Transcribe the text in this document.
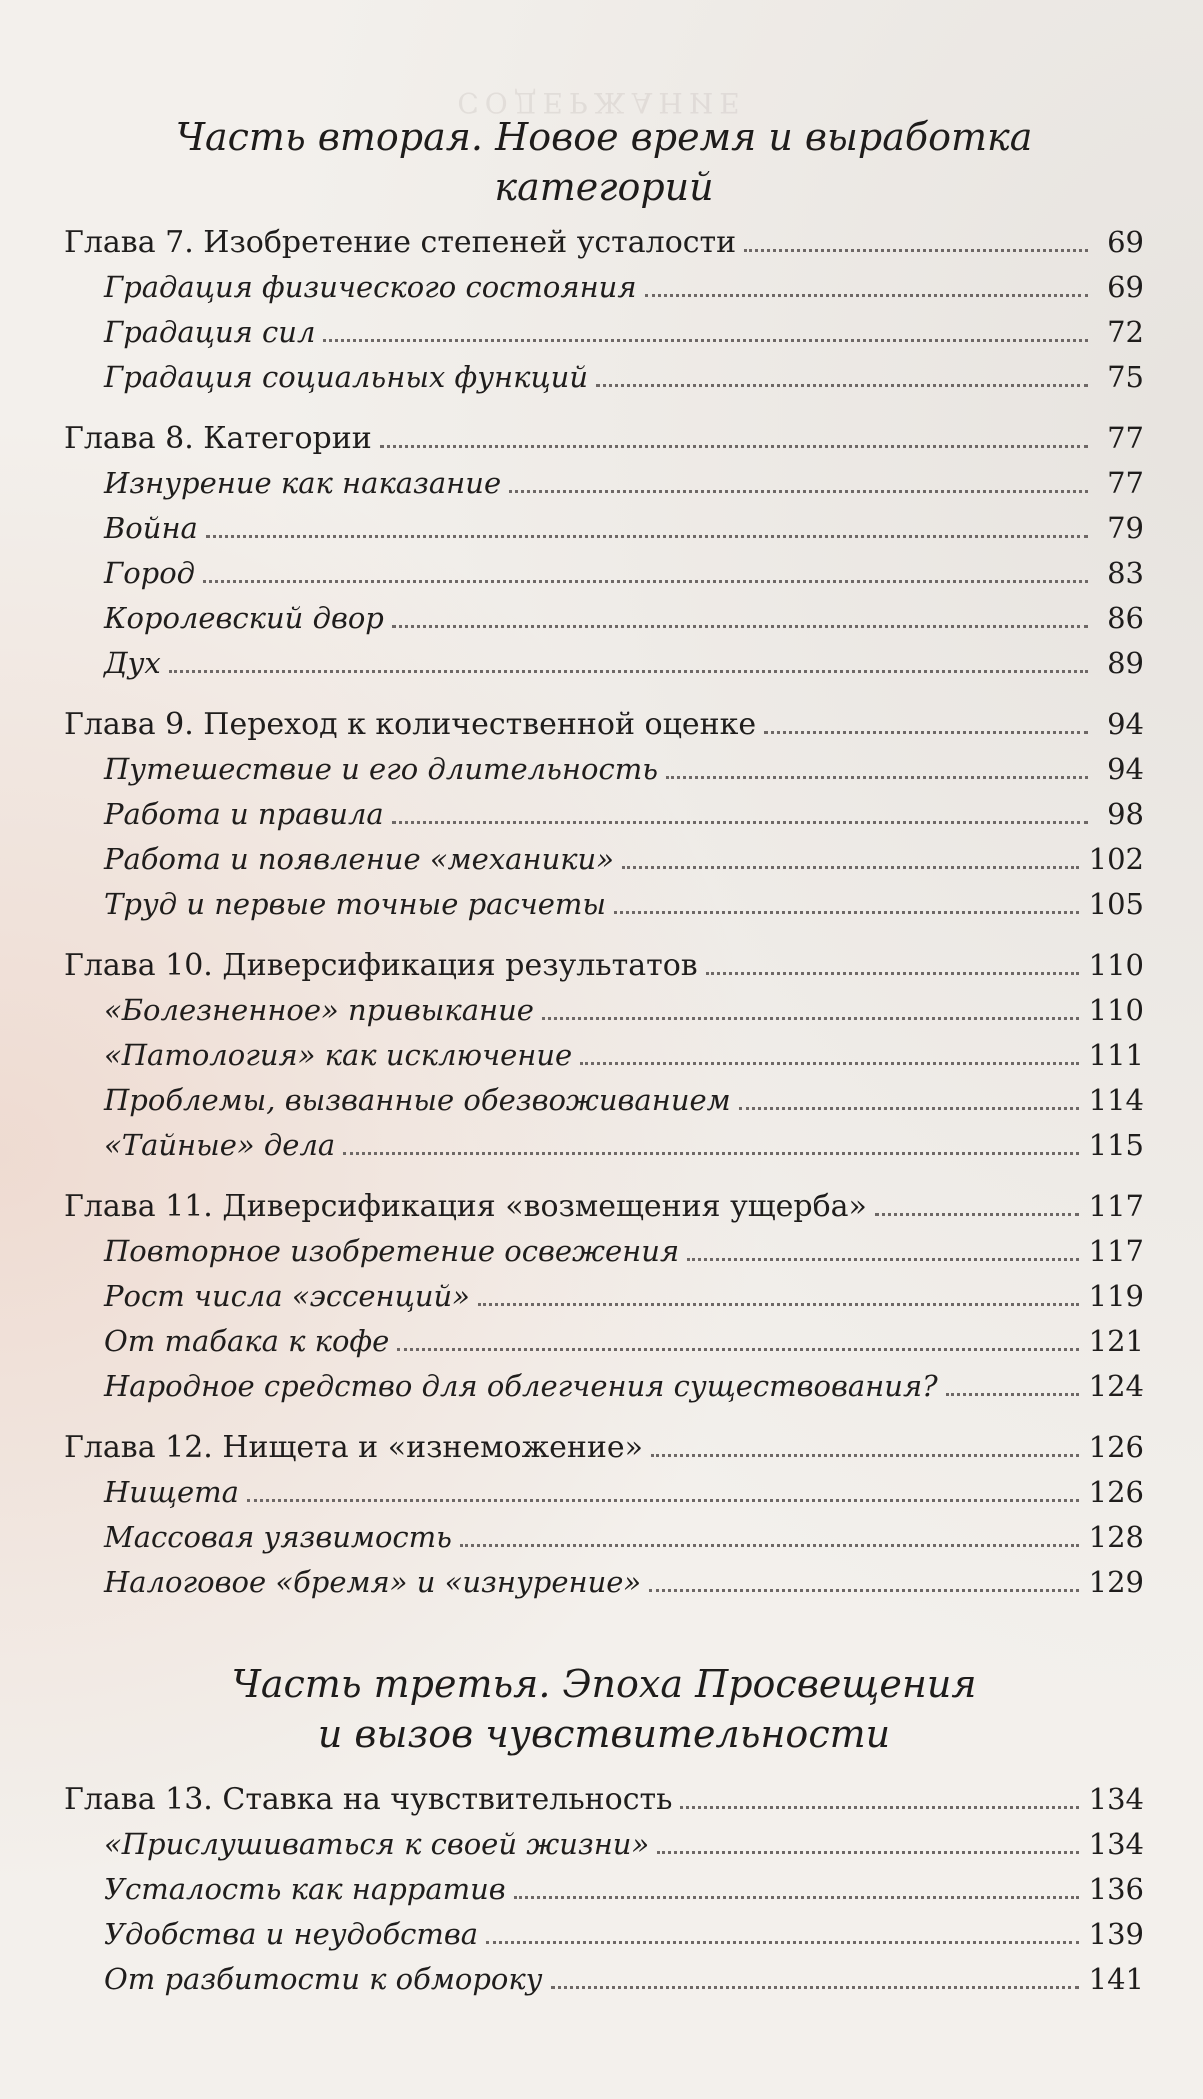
СОДЕРЖАНИЕ
Часть вторая. Новое время и выработка категорий
Глава 7. Изобретение степеней усталости	69
Градация физического состояния	69
Градация сил	72
Градация социальных функций	75
Глава 8. Категории	77
Изнурение как наказание	77
Война	79
Город	83
Королевский двор	86
Дух	89
Глава 9. Переход к количественной оценке	94
Путешествие и его длительность	94
Работа и правила	98
Работа и появление «механики»	102
Труд и первые точные расчеты	105
Глава 10. Диверсификация результатов	110
«Болезненное» привыкание	110
«Патология» как исключение	111
Проблемы, вызванные обезвоживанием	114
«Тайные» дела	115
Глава 11. Диверсификация «возмещения ущерба»	117
Повторное изобретение освежения	117
Рост числа «эссенций»	119
От табака к кофе	121
Народное средство для облегчения существования?	124
Глава 12. Нищета и «изнеможение»	126
Нищета	126
Массовая уязвимость	128
Налоговое «бремя» и «изнурение»	129
Часть третья. Эпоха Просвещения
и вызов чувствительности
Глава 13. Ставка на чувствительность	134
«Прислушиваться к своей жизни»	134
Усталость как нарратив	136
Удобства и неудобства	139
От разбитости к обмороку	141
